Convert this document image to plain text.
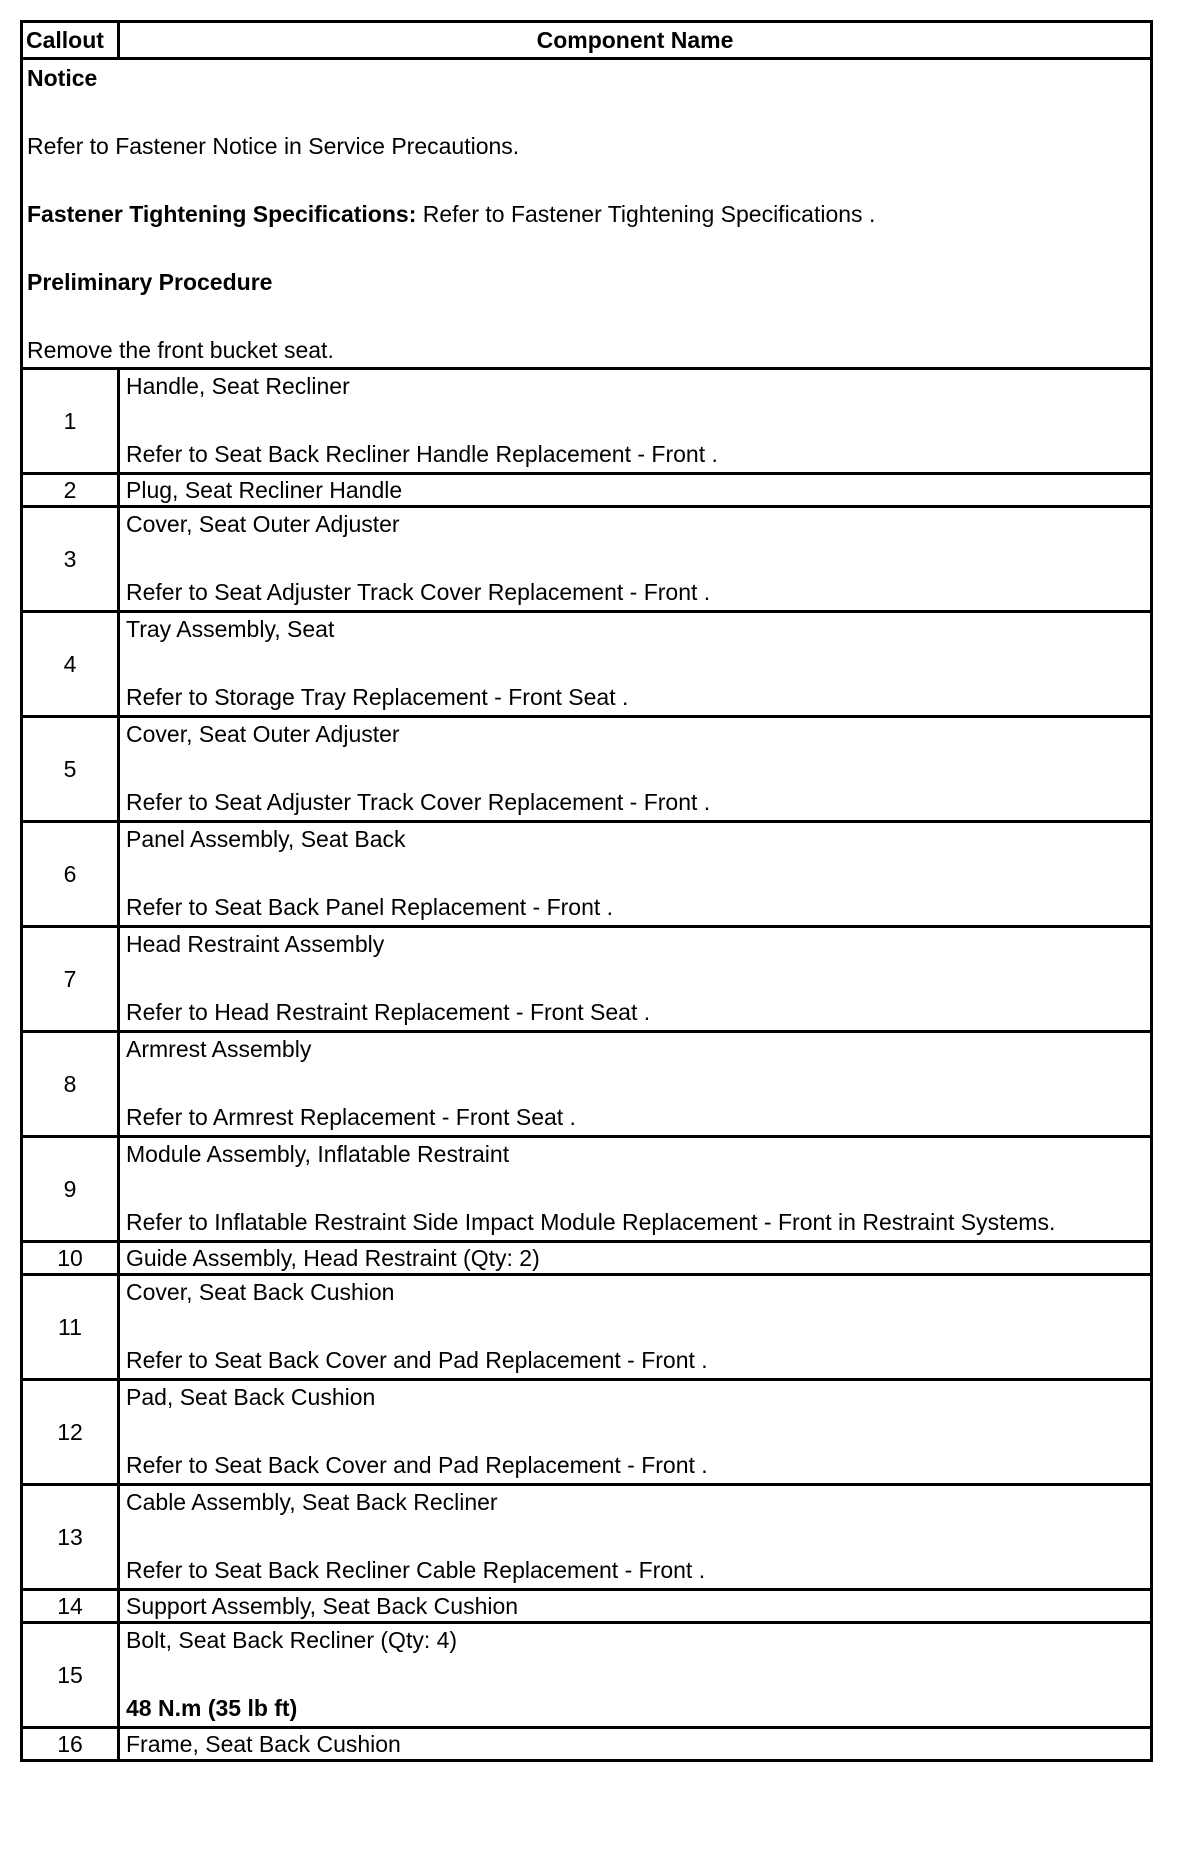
Callout	Component Name

Notice
Refer to Fastener Notice in Service Precautions.
Fastener Tightening Specifications: Refer to Fastener Tightening Specifications .
Preliminary Procedure
Remove the front bucket seat.	

1	Handle, Seat Recliner
Refer to Seat Back Recliner Handle Replacement - Front .

2	Plug, Seat Recliner Handle

3	Cover, Seat Outer Adjuster
Refer to Seat Adjuster Track Cover Replacement - Front .

4	Tray Assembly, Seat
Refer to Storage Tray Replacement - Front Seat .

5	Cover, Seat Outer Adjuster
Refer to Seat Adjuster Track Cover Replacement - Front .

6	Panel Assembly, Seat Back
Refer to Seat Back Panel Replacement - Front .

7	Head Restraint Assembly
Refer to Head Restraint Replacement - Front Seat .

8	Armrest Assembly
Refer to Armrest Replacement - Front Seat .

9	Module Assembly, Inflatable Restraint
Refer to Inflatable Restraint Side Impact Module Replacement - Front in Restraint Systems.

10	Guide Assembly, Head Restraint (Qty: 2)

11	Cover, Seat Back Cushion
Refer to Seat Back Cover and Pad Replacement - Front .

12	Pad, Seat Back Cushion
Refer to Seat Back Cover and Pad Replacement - Front .

13	Cable Assembly, Seat Back Recliner
Refer to Seat Back Recliner Cable Replacement - Front .

14	Support Assembly, Seat Back Cushion

15	Bolt, Seat Back Recliner (Qty: 4)
48 N.m (35 lb ft)

16	Frame, Seat Back Cushion
